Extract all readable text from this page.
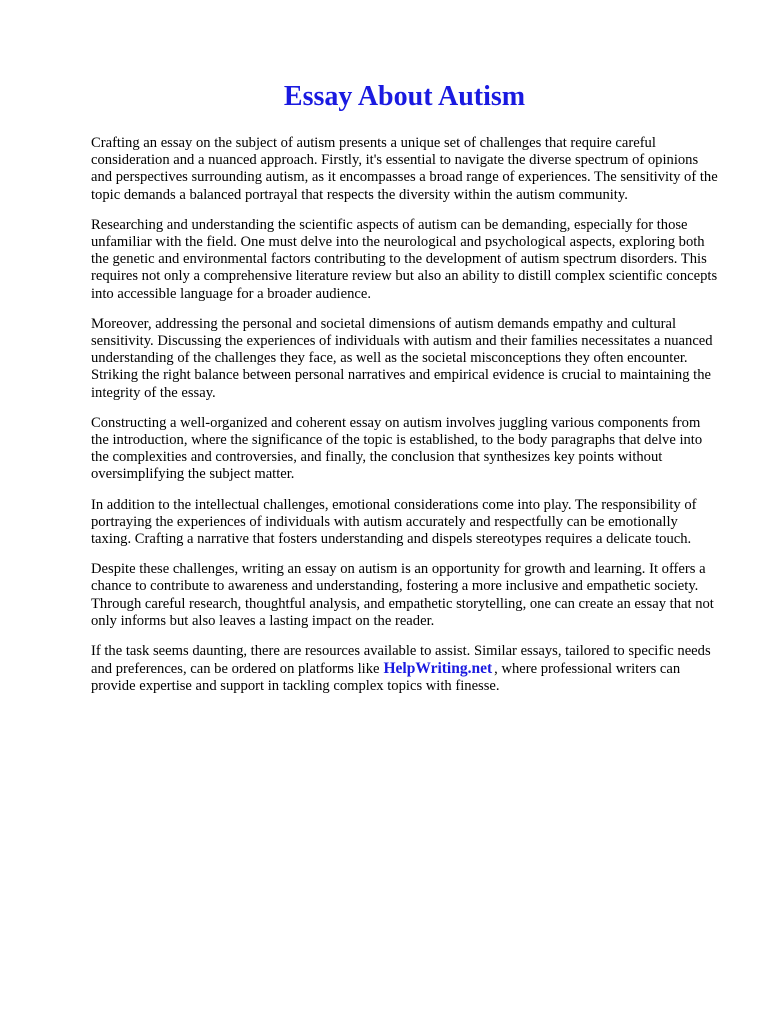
Essay About Autism

Crafting an essay on the subject of autism presents a unique set of challenges that require careful consideration and a nuanced approach. Firstly, it's essential to navigate the diverse spectrum of opinions and perspectives surrounding autism, as it encompasses a broad range of experiences. The sensitivity of the topic demands a balanced portrayal that respects the diversity within the autism community.

Researching and understanding the scientific aspects of autism can be demanding, especially for those unfamiliar with the field. One must delve into the neurological and psychological aspects, exploring both the genetic and environmental factors contributing to the development of autism spectrum disorders. This requires not only a comprehensive literature review but also an ability to distill complex scientific concepts into accessible language for a broader audience.

Moreover, addressing the personal and societal dimensions of autism demands empathy and cultural sensitivity. Discussing the experiences of individuals with autism and their families necessitates a nuanced understanding of the challenges they face, as well as the societal misconceptions they often encounter. Striking the right balance between personal narratives and empirical evidence is crucial to maintaining the integrity of the essay.

Constructing a well-organized and coherent essay on autism involves juggling various components from the introduction, where the significance of the topic is established, to the body paragraphs that delve into the complexities and controversies, and finally, the conclusion that synthesizes key points without oversimplifying the subject matter.

In addition to the intellectual challenges, emotional considerations come into play. The responsibility of portraying the experiences of individuals with autism accurately and respectfully can be emotionally taxing. Crafting a narrative that fosters understanding and dispels stereotypes requires a delicate touch.

Despite these challenges, writing an essay on autism is an opportunity for growth and learning. It offers a chance to contribute to awareness and understanding, fostering a more inclusive and empathetic society. Through careful research, thoughtful analysis, and empathetic storytelling, one can create an essay that not only informs but also leaves a lasting impact on the reader.

If the task seems daunting, there are resources available to assist. Similar essays, tailored to specific needs and preferences, can be ordered on platforms like HelpWriting.net , where professional writers can provide expertise and support in tackling complex topics with finesse.
